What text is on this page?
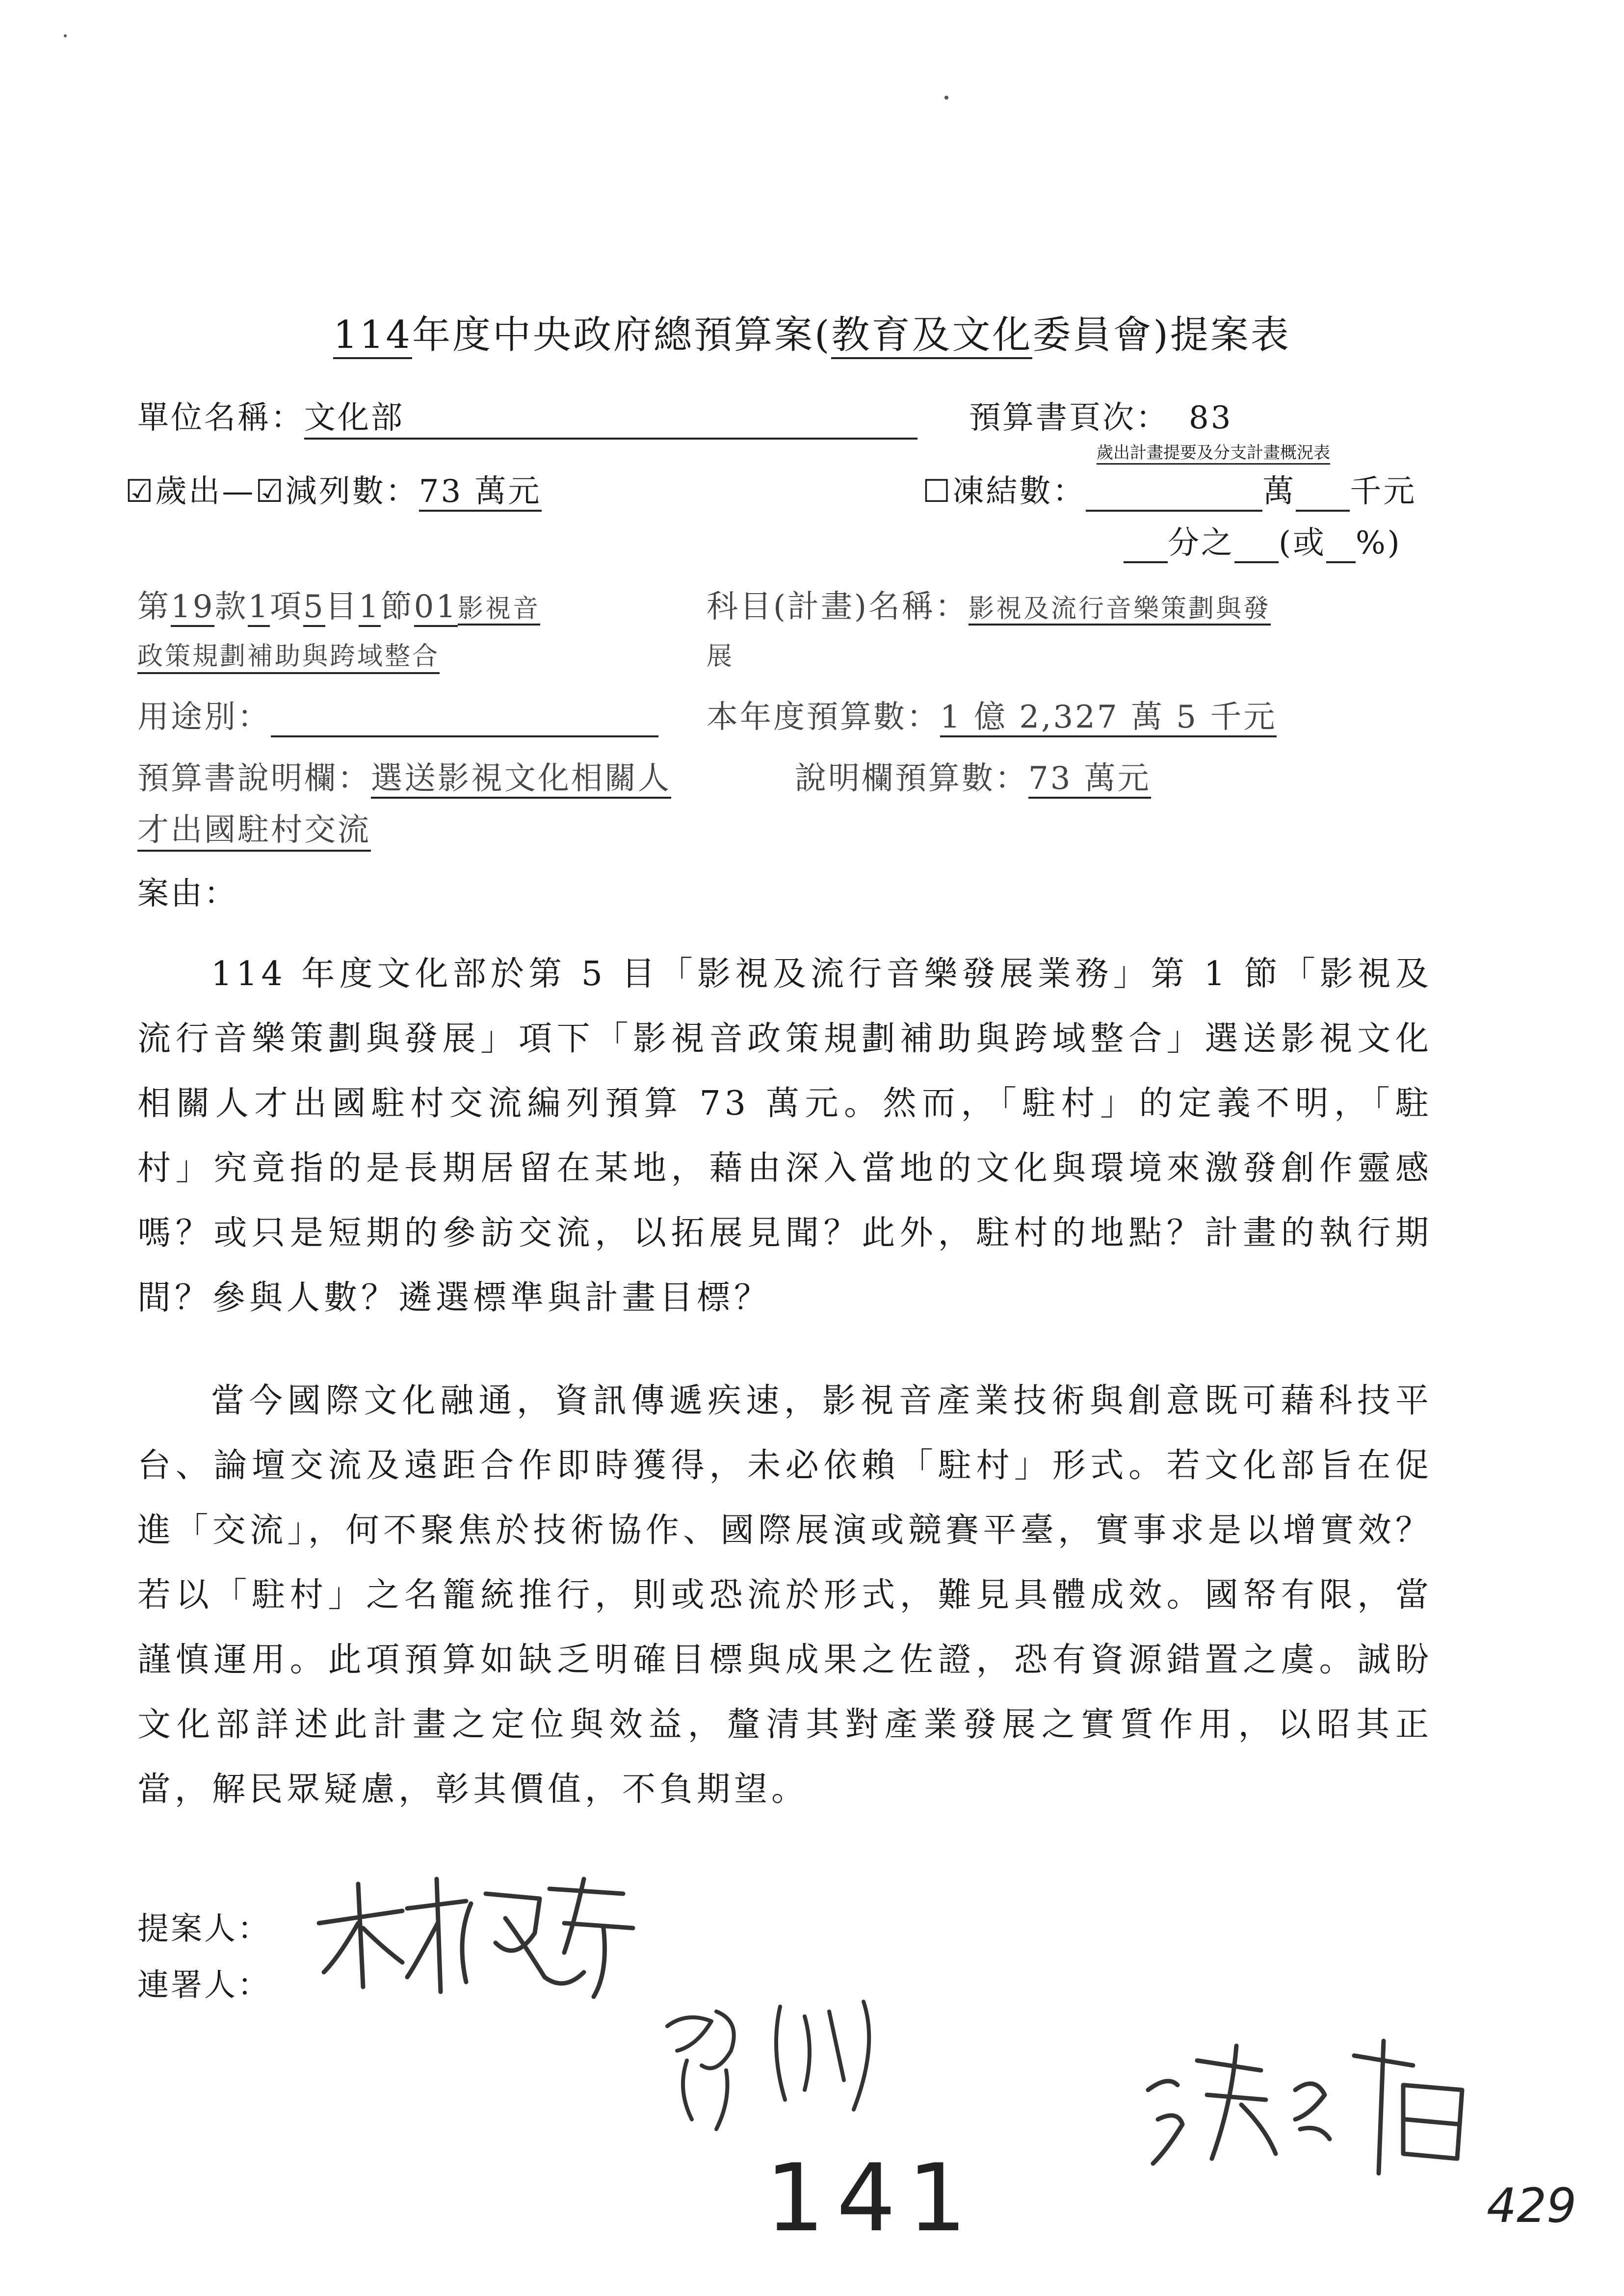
114年度中央政府總預算案(教育及文化委員會)提案表
單位名稱：文化部	預算書頁次： 83
歲出計畫提要及分支計畫概況表
☑歲出—☑減列數：73 萬元	☐凍結數：	萬 千元
分之 (或 %)
第19款1項5目1節01影視音
政策規劃補助與跨域整合
科目(計畫)名稱：影視及流行音樂策劃與發
展
用途別：	本年度預算數：1 億 2,327 萬 5 千元
預算書說明欄：選送影視文化相關人
才出國駐村交流
說明欄預算數：73 萬元
案由：

114 年度文化部於第 5 目「影視及流行音樂發展業務」第 1 節「影視及流行音樂策劃與發展」項下「影視音政策規劃補助與跨域整合」選送影視文化相關人才出國駐村交流編列預算 73 萬元。然而，「駐村」的定義不明，「駐村」究竟指的是長期居留在某地，藉由深入當地的文化與環境來激發創作靈感嗎？或只是短期的參訪交流，以拓展見聞？此外，駐村的地點？計畫的執行期間？參與人數？遴選標準與計畫目標？

當今國際文化融通，資訊傳遞疾速，影視音產業技術與創意既可藉科技平台、論壇交流及遠距合作即時獲得，未必依賴「駐村」形式。若文化部旨在促進「交流」，何不聚焦於技術協作、國際展演或競賽平臺，實事求是以增實效？若以「駐村」之名籠統推行，則或恐流於形式，難見具體成效。國帑有限，當謹慎運用。此項預算如缺乏明確目標與成果之佐證，恐有資源錯置之虞。誠盼文化部詳述此計畫之定位與效益，釐清其對產業發展之實質作用，以昭其正當，解民眾疑慮，彰其價值，不負期望。

提案人：
連署人：
141	429
